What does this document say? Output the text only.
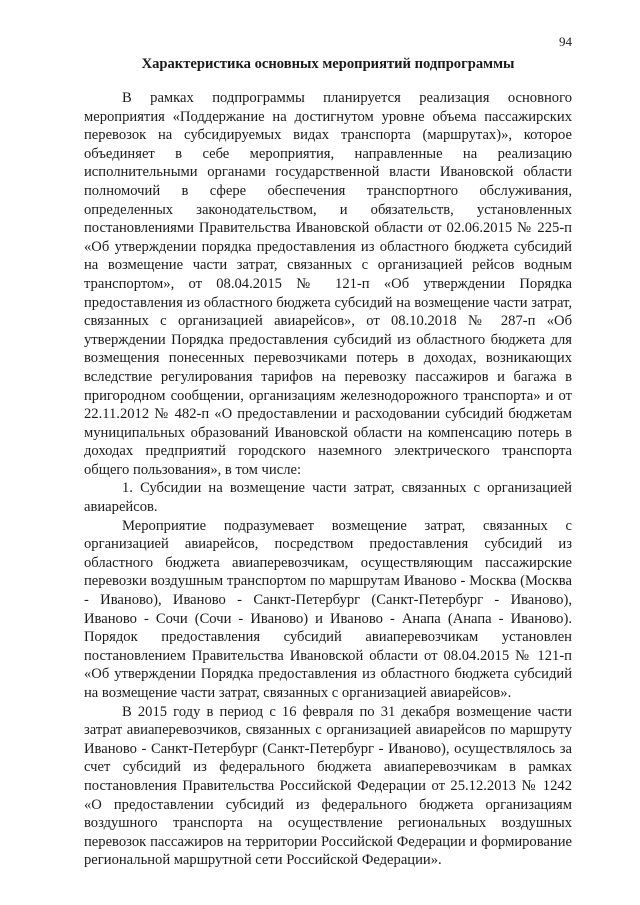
94
Характеристика основных мероприятий подпрограммы

В рамках подпрограммы планируется реализация основного мероприятия «Поддержание на достигнутом уровне объема пассажирских перевозок на субсидируемых видах транспорта (маршрутах)», которое объединяет в себе мероприятия, направленные на реализацию исполнительными органами государственной власти Ивановской области полномочий в сфере обеспечения транспортного обслуживания, определенных законодательством, и обязательств, установленных постановлениями Правительства Ивановской области от 02.06.2015 № 225-п «Об утверждении порядка предоставления из областного бюджета субсидий на возмещение части затрат, связанных с организацией рейсов водным транспортом», от 08.04.2015 № 121-п «Об утверждении Порядка предоставления из областного бюджета субсидий на возмещение части затрат, связанных с организацией авиарейсов», от 08.10.2018 № 287-п «Об утверждении Порядка предоставления субсидий из областного бюджета для возмещения понесенных перевозчиками потерь в доходах, возникающих вследствие регулирования тарифов на перевозку пассажиров и багажа в пригородном сообщении, организациям железнодорожного транспорта» и от 22.11.2012 № 482-п «О предоставлении и расходовании субсидий бюджетам муниципальных образований Ивановской области на компенсацию потерь в доходах предприятий городского наземного электрического транспорта общего пользования», в том числе:

1. Субсидии на возмещение части затрат, связанных с организацией авиарейсов.

Мероприятие подразумевает возмещение затрат, связанных с организацией авиарейсов, посредством предоставления субсидий из областного бюджета авиаперевозчикам, осуществляющим пассажирские перевозки воздушным транспортом по маршрутам Иваново - Москва (Москва - Иваново), Иваново - Санкт-Петербург (Санкт-Петербург - Иваново), Иваново - Сочи (Сочи - Иваново) и Иваново - Анапа (Анапа - Иваново). Порядок предоставления субсидий авиаперевозчикам установлен постановлением Правительства Ивановской области от 08.04.2015 № 121-п «Об утверждении Порядка предоставления из областного бюджета субсидий на возмещение части затрат, связанных с организацией авиарейсов».

В 2015 году в период с 16 февраля по 31 декабря возмещение части затрат авиаперевозчиков, связанных с организацией авиарейсов по маршруту Иваново - Санкт-Петербург (Санкт-Петербург - Иваново), осуществлялось за счет субсидий из федерального бюджета авиаперевозчикам в рамках постановления Правительства Российской Федерации от 25.12.2013 № 1242 «О предоставлении субсидий из федерального бюджета организациям воздушного транспорта на осуществление региональных воздушных перевозок пассажиров на территории Российской Федерации и формирование региональной маршрутной сети Российской Федерации».
